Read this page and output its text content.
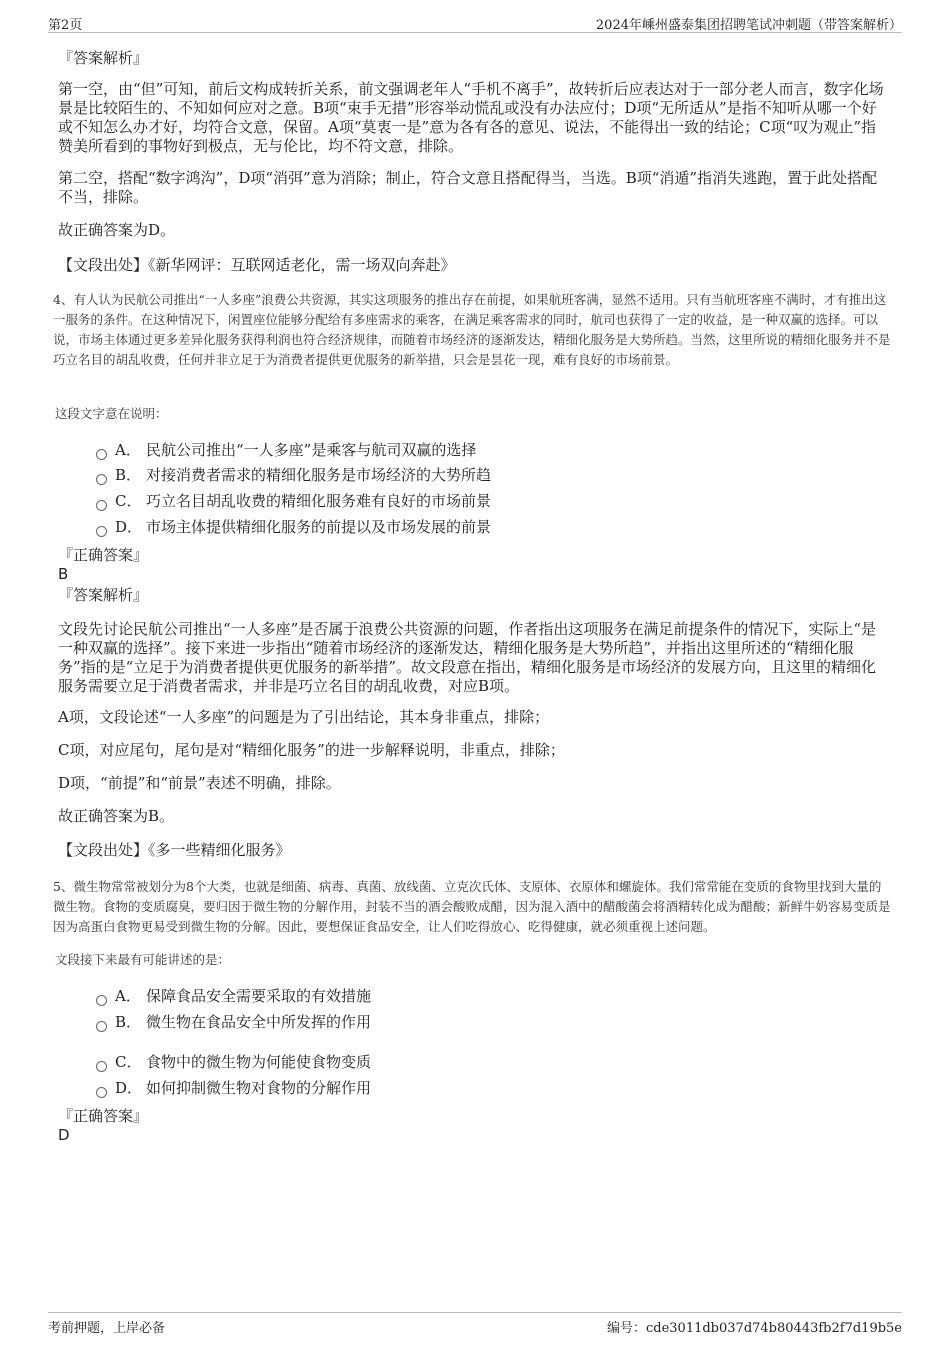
第2页	2024年嵊州盛泰集团招聘笔试冲刺题（带答案解析）
『答案解析』
第一空，由“但”可知，前后文构成转折关系，前文强调老年人“手机不离手”，故转折后应表达对于一部分老人而言，数字化场景是比较陌生的、不知如何应对之意。B项“束手无措”形容举动慌乱或没有办法应付；D项“无所适从”是指不知听从哪一个好或不知怎么办才好，均符合文意，保留。A项“莫衷一是”意为各有各的意见、说法，不能得出一致的结论；C项“叹为观止”指赞美所看到的事物好到极点，无与伦比，均不符文意，排除。
第二空，搭配“数字鸿沟”，D项“消弭”意为消除；制止，符合文意且搭配得当，当选。B项“消遁”指消失逃跑，置于此处搭配不当，排除。
故正确答案为D。
【文段出处】《新华网评：互联网适老化，需一场双向奔赴》
4、有人认为民航公司推出“一人多座”浪费公共资源，其实这项服务的推出存在前提，如果航班客满，显然不适用。只有当航班客座不满时，才有推出这一服务的条件。在这种情况下，闲置座位能够分配给有多座需求的乘客，在满足乘客需求的同时，航司也获得了一定的收益，是一种双赢的选择。可以说，市场主体通过更多差异化服务获得利润也符合经济规律，而随着市场经济的逐渐发达，精细化服务是大势所趋。当然，这里所说的精细化服务并不是巧立名目的胡乱收费，任何并非立足于为消费者提供更优服务的新举措，只会是昙花一现，难有良好的市场前景。
这段文字意在说明：
A． 民航公司推出“一人多座”是乘客与航司双赢的选择
B． 对接消费者需求的精细化服务是市场经济的大势所趋
C． 巧立名目胡乱收费的精细化服务难有良好的市场前景
D． 市场主体提供精细化服务的前提以及市场发展的前景
『正确答案』
B
『答案解析』
文段先讨论民航公司推出“一人多座”是否属于浪费公共资源的问题，作者指出这项服务在满足前提条件的情况下，实际上“是一种双赢的选择”。接下来进一步指出“随着市场经济的逐渐发达，精细化服务是大势所趋”，并指出这里所述的“精细化服务”指的是“立足于为消费者提供更优服务的新举措”。故文段意在指出，精细化服务是市场经济的发展方向，且这里的精细化服务需要立足于消费者需求，并非是巧立名目的胡乱收费，对应B项。
A项，文段论述“一人多座”的问题是为了引出结论，其本身非重点，排除；
C项，对应尾句，尾句是对“精细化服务”的进一步解释说明，非重点，排除；
D项，“前提”和“前景”表述不明确，排除。
故正确答案为B。
【文段出处】《多一些精细化服务》
5、微生物常常被划分为8个大类，也就是细菌、病毒、真菌、放线菌、立克次氏体、支原体、衣原体和螺旋体。我们常常能在变质的食物里找到大量的微生物。食物的变质腐臭，要归因于微生物的分解作用，封装不当的酒会酸败成醋，因为混入酒中的醋酸菌会将酒精转化成为醋酸；新鲜牛奶容易变质是因为高蛋白食物更易受到微生物的分解。因此，要想保证食品安全，让人们吃得放心、吃得健康，就必须重视上述问题。
文段接下来最有可能讲述的是：
A． 保障食品安全需要采取的有效措施
B． 微生物在食品安全中所发挥的作用
C． 食物中的微生物为何能使食物变质
D． 如何抑制微生物对食物的分解作用
『正确答案』
D
考前押题，上岸必备	编号：cde3011db037d74b80443fb2f7d19b5e
